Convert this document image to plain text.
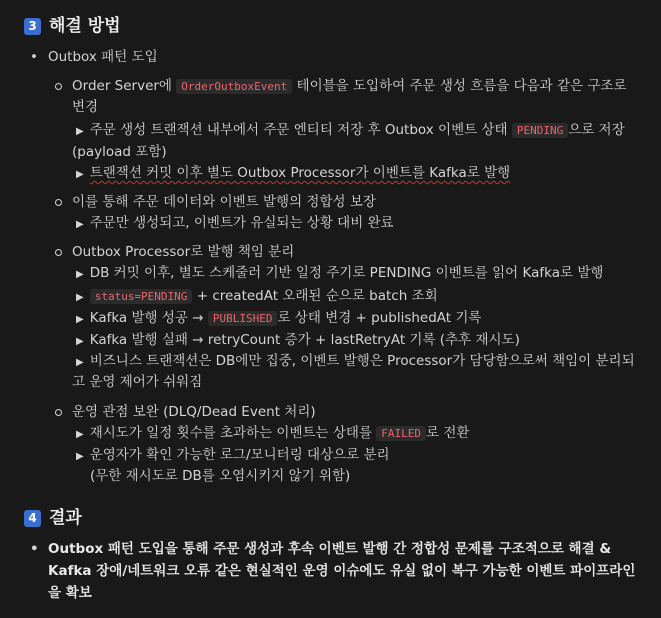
3 해결 방법
• Outbox 패턴 도입
Order Server에 OrderOutboxEvent 테이블을 도입하여 주문 생성 흐름을 다음과 같은 구조로
변경
▶ 주문 생성 트랜잭션 내부에서 주문 엔티티 저장 후 Outbox 이벤트 상태 PENDING 으로 저장
(payload 포함)
▶ 트랜잭션 커밋 이후 별도 Outbox Processor가 이벤트를 Kafka로 발행
이를 통해 주문 데이터와 이벤트 발행의 정합성 보장
▶ 주문만 생성되고, 이벤트가 유실되는 상황 대비 완료
Outbox Processor로 발행 책임 분리
▶ DB 커밋 이후, 별도 스케줄러 기반 일정 주기로 PENDING 이벤트를 읽어 Kafka로 발행
▶ status=PENDING + createdAt 오래된 순으로 batch 조회
▶ Kafka 발행 성공 → PUBLISHED 로 상태 변경 + publishedAt 기록
▶ Kafka 발행 실패 → retryCount 증가 + lastRetryAt 기록 (추후 재시도)
▶ 비즈니스 트랜잭션은 DB에만 집중, 이벤트 발행은 Processor가 담당함으로써 책임이 분리되
고 운영 제어가 쉬워짐
운영 관점 보완 (DLQ/Dead Event 처리)
▶ 재시도가 일정 횟수를 초과하는 이벤트는 상태를 FAILED 로 전환
▶ 운영자가 확인 가능한 로그/모니터링 대상으로 분리
(무한 재시도로 DB를 오염시키지 않기 위함)
4 결과
• Outbox 패턴 도입을 통해 주문 생성과 후속 이벤트 발행 간 정합성 문제를 구조적으로 해결 &
Kafka 장애/네트워크 오류 같은 현실적인 운영 이슈에도 유실 없이 복구 가능한 이벤트 파이프라인
을 확보
